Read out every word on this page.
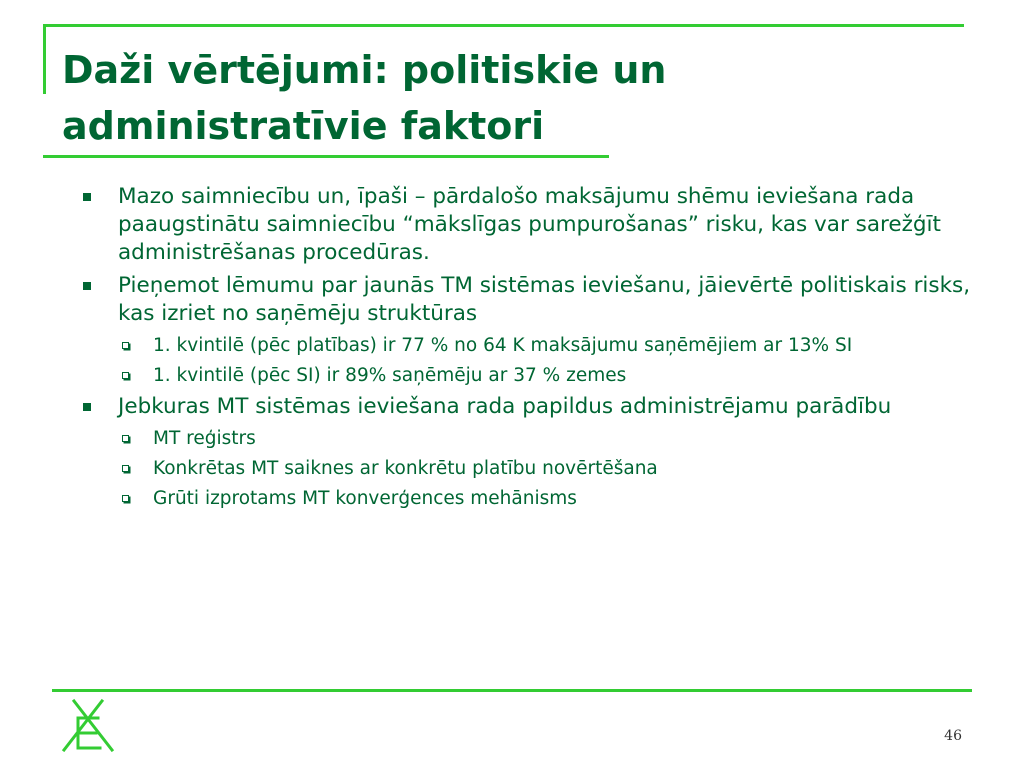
Daži vērtējumi: politiskie un
administratīvie faktori
Mazo saimniecību un, īpaši – pārdalošo maksājumu shēmu ieviešana rada paaugstinātu saimniecību “mākslīgas pumpurošanas” risku, kas var sarežģīt administrēšanas procedūras.
Pieņemot lēmumu par jaunās TM sistēmas ieviešanu, jāievērtē politiskais risks, kas izriet no saņēmēju struktūras
1. kvintilē (pēc platības) ir 77 % no 64 K maksājumu saņēmējiem ar 13% SI
1. kvintilē (pēc SI) ir 89% saņēmēju ar 37 % zemes
Jebkuras MT sistēmas ieviešana rada papildus administrējamu parādību
MT reģistrs
Konkrētas MT saiknes ar konkrētu platību novērtēšana
Grūti izprotams MT konverģences mehānisms
46
